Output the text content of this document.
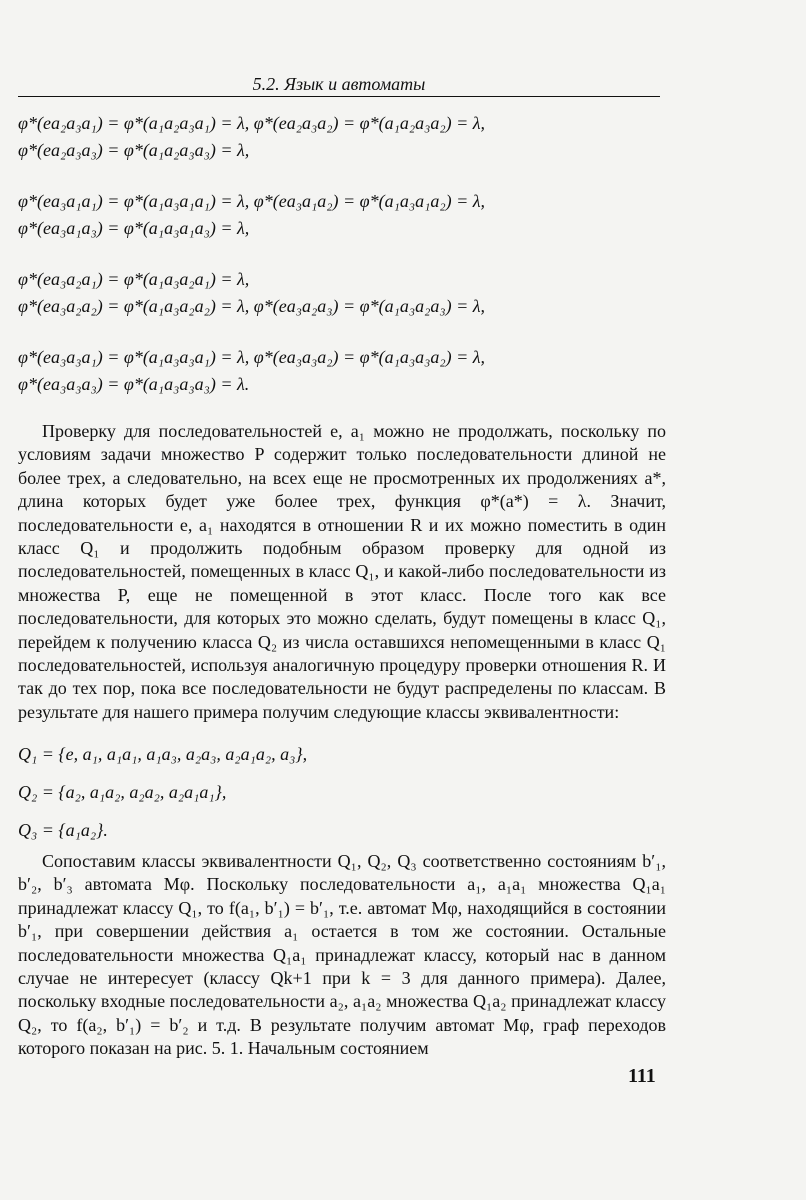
5.2. Язык и автоматы
φ*(ea₂a₃a₁) = φ*(a₁a₂a₃a₁) = λ, φ*(ea₂a₃a₂) = φ*(a₁a₂a₃a₂) = λ,
φ*(ea₂a₃a₃) = φ*(a₁a₂a₃a₃) = λ,
φ*(ea₃a₁a₁) = φ*(a₁a₃a₁a₁) = λ, φ*(ea₃a₁a₂) = φ*(a₁a₃a₁a₂) = λ,
φ*(ea₃a₁a₃) = φ*(a₁a₃a₁a₃) = λ,
φ*(ea₃a₂a₁) = φ*(a₁a₃a₂a₁) = λ,
φ*(ea₃a₂a₂) = φ*(a₁a₃a₂a₂) = λ, φ*(ea₃a₂a₃) = φ*(a₁a₃a₂a₃) = λ,
φ*(ea₃a₃a₁) = φ*(a₁a₃a₃a₁) = λ, φ*(ea₃a₃a₂) = φ*(a₁a₃a₃a₂) = λ,
φ*(ea₃a₃a₃) = φ*(a₁a₃a₃a₃) = λ.

Проверку для последовательностей e, a₁ можно не продолжать, поскольку по условиям задачи множество P содержит только последовательности длиной не более трех, а следовательно, на всех еще не просмотренных их продолжениях a*, длина которых будет уже более трех, функция φ*(a*) = λ. Значит, последовательности e, a₁ находятся в отношении R и их можно поместить в один класс Q₁ и продолжить подобным образом проверку для одной из последовательностей, помещенных в класс Q₁, и какой-либо последовательности из множества P, еще не помещенной в этот класс. После того как все последовательности, для которых это можно сделать, будут помещены в класс Q₁, перейдем к получению класса Q₂ из числа оставшихся непомещенными в класс Q₁ последовательностей, используя аналогичную процедуру проверки отношения R. И так до тех пор, пока все последовательности не будут распределены по классам. В результате для нашего примера получим следующие классы эквивалентности:

Q₁ = {e, a₁, a₁a₁, a₁a₃, a₂a₃, a₂a₁a₂, a₃},
Q₂ = {a₂, a₁a₂, a₂a₂, a₂a₁a₁},
Q₃ = {a₁a₂}.

Сопоставим классы эквивалентности Q₁, Q₂, Q₃ соответственно состояниям b′₁, b′₂, b′₃ автомата Mφ. Поскольку последовательности a₁, a₁a₁ множества Q₁a₁ принадлежат классу Q₁, то f(a₁, b′₁) = b′₁, т.е. автомат Mφ, находящийся в состоянии b′₁, при совершении действия a₁ остается в том же состоянии. Остальные последовательности множества Q₁a₁ принадлежат классу, который нас в данном случае не интересует (классу Qk+1 при k = 3 для данного примера). Далее, поскольку входные последовательности a₂, a₁a₂ множества Q₁a₂ принадлежат классу Q₂, то f(a₂, b′₁) = b′₂ и т.д. В результате получим автомат Mφ, граф переходов которого показан на рис. 5. 1. Начальным состоянием

111
